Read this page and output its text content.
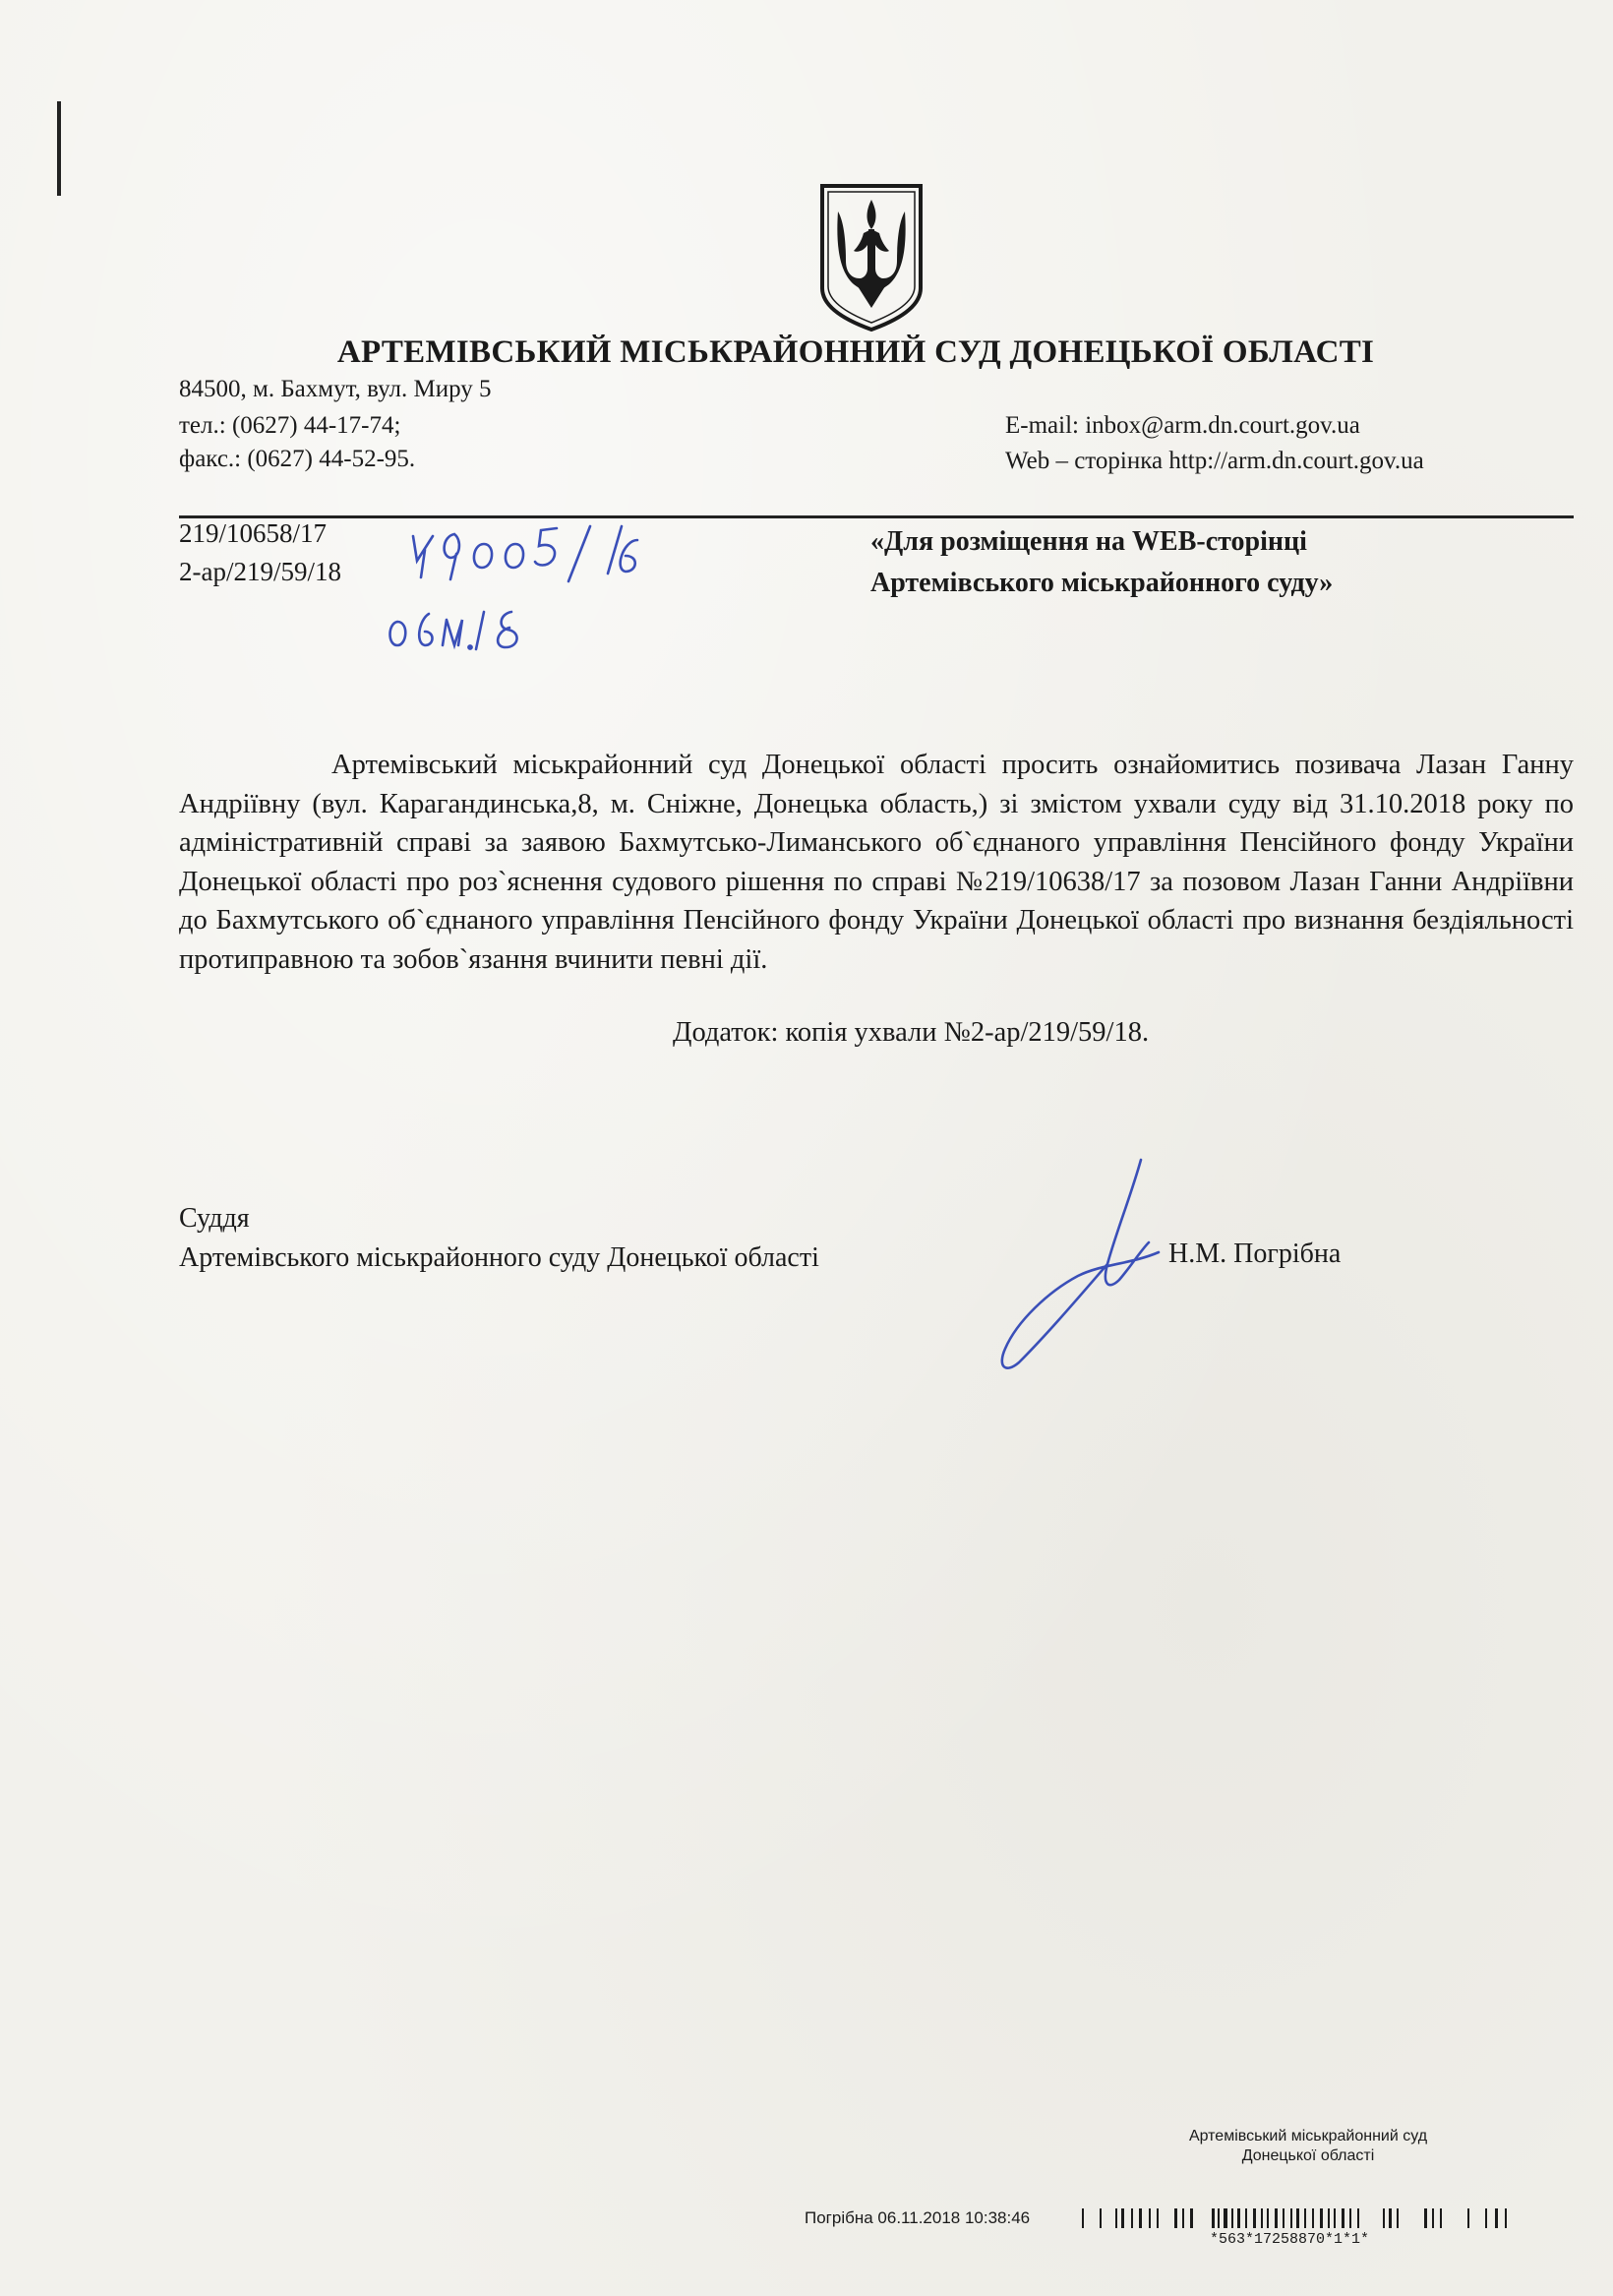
АРТЕМІВСЬКИЙ МІСЬКРАЙОННИЙ СУД ДОНЕЦЬКОЇ ОБЛАСТІ
84500, м. Бахмут, вул. Миру 5
тел.: (0627) 44-17-74;
факс.: (0627) 44-52-95.
E-mail: inbox@arm.dn.court.gov.ua
Web – сторінка http://arm.dn.court.gov.ua
219/10658/17
2-ар/219/59/18
«Для розміщення на WEB-сторінці
Артемівського міськрайонного суду»
Артемівський міськрайонний суд Донецької області просить ознайомитись позивача Лазан Ганну Андріївну (вул. Карагандинська,8, м. Сніжне, Донецька область,) зі змістом ухвали суду від 31.10.2018 року по адміністративній справі за заявою Бахмутсько-Лиманського об`єднаного управління Пенсійного фонду України Донецької області про роз`яснення судового рішення по справі №219/10638/17 за позовом Лазан Ганни Андріївни до Бахмутського об`єднаного управління Пенсійного фонду України Донецької області про визнання бездіяльності протиправною та зобов`язання вчинити певні дії.
Додаток: копія ухвали №2-ар/219/59/18.
Суддя
Артемівського міськрайонного суду Донецької області	Н.М. Погрібна
Артемівський міськрайонний суд
Донецької області
Погрібна 06.11.2018 10:38:46
*563*17258870*1*1*
